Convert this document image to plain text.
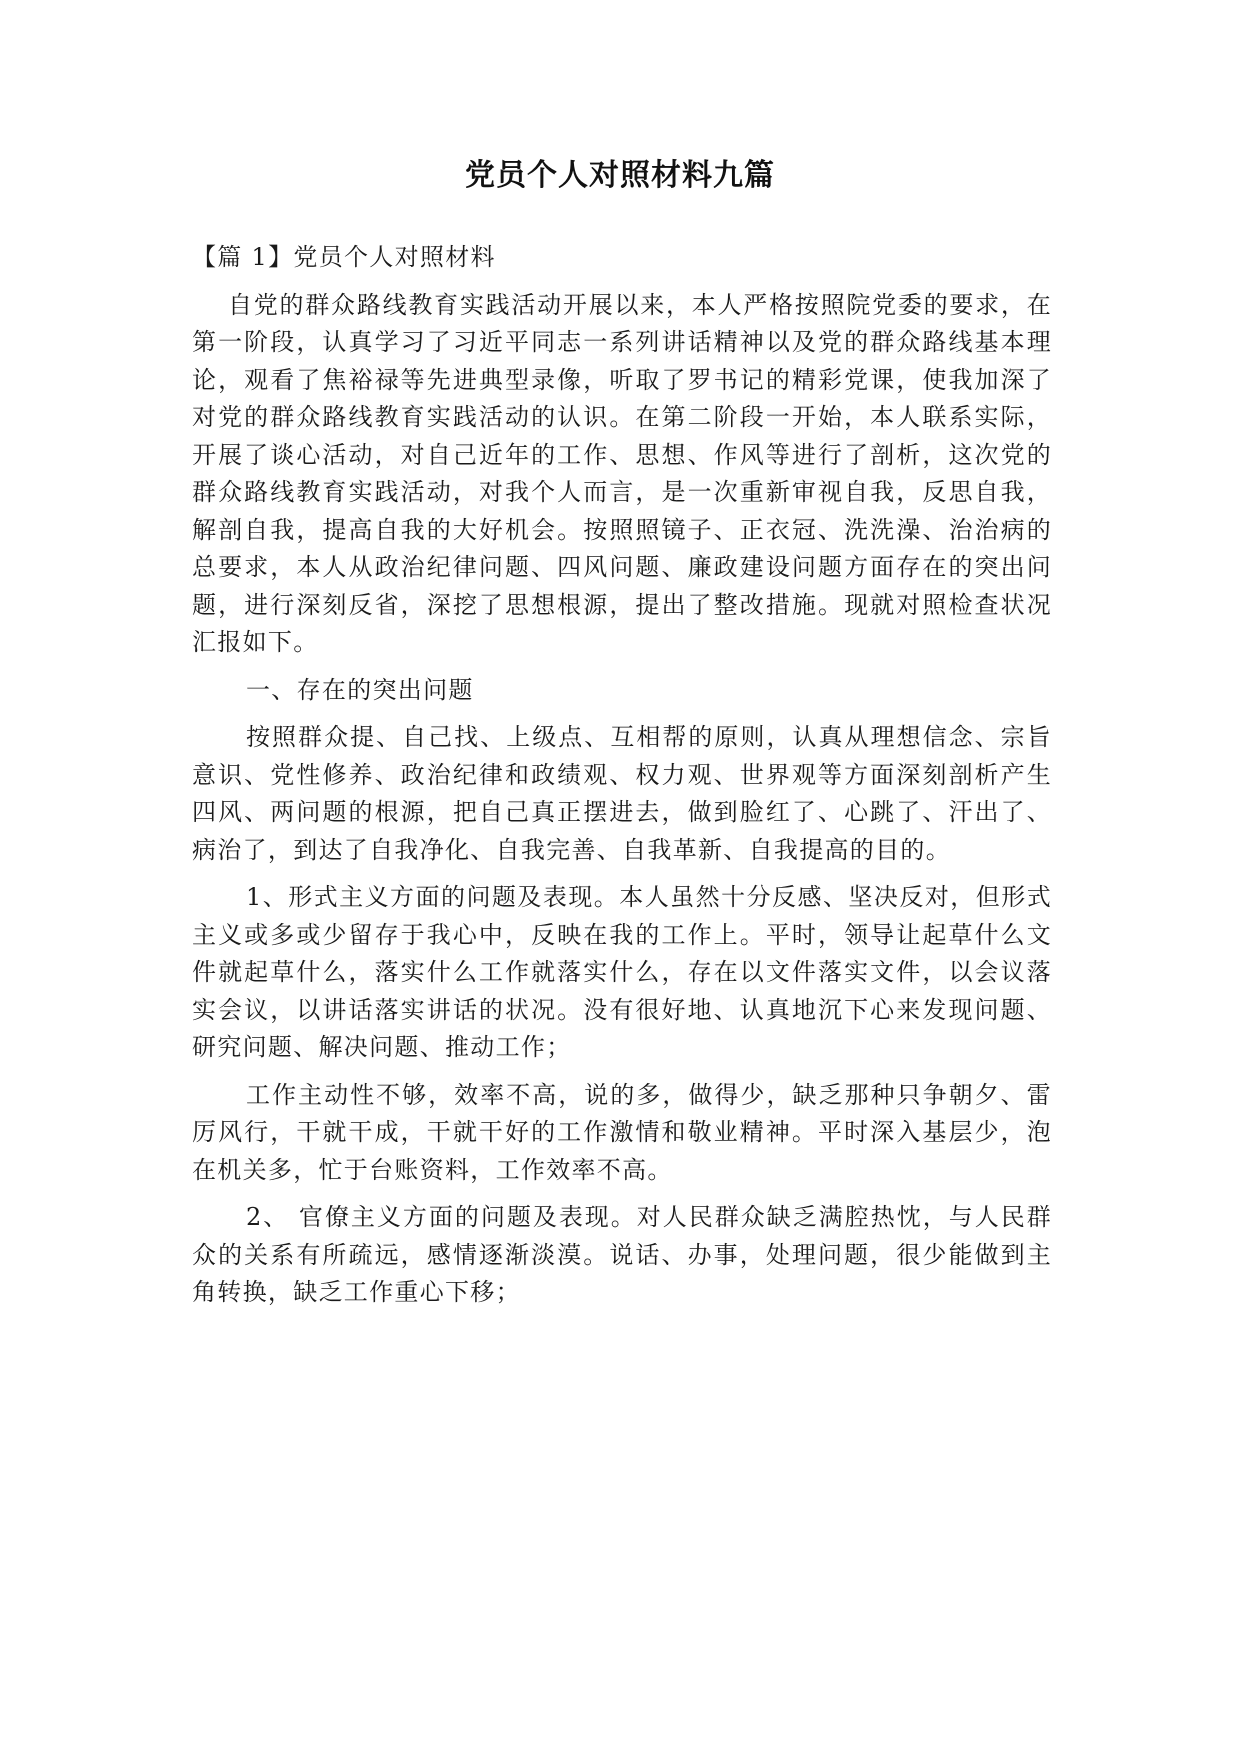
党员个人对照材料九篇

【篇 1】党员个人对照材料

自党的群众路线教育实践活动开展以来，本人严格按照院党委的要求，在第一阶段，认真学习了习近平同志一系列讲话精神以及党的群众路线基本理论，观看了焦裕禄等先进典型录像，听取了罗书记的精彩党课，使我加深了对党的群众路线教育实践活动的认识。在第二阶段一开始，本人联系实际，开展了谈心活动，对自己近年的工作、思想、作风等进行了剖析，这次党的群众路线教育实践活动，对我个人而言，是一次重新审视自我，反思自我，解剖自我，提高自我的大好机会。按照照镜子、正衣冠、洗洗澡、治治病的总要求，本人从政治纪律问题、四风问题、廉政建设问题方面存在的突出问题，进行深刻反省，深挖了思想根源，提出了整改措施。现就对照检查状况汇报如下。

一、存在的突出问题

按照群众提、自己找、上级点、互相帮的原则，认真从理想信念、宗旨意识、党性修养、政治纪律和政绩观、权力观、世界观等方面深刻剖析产生四风、两问题的根源，把自己真正摆进去，做到脸红了、心跳了、汗出了、病治了，到达了自我净化、自我完善、自我革新、自我提高的目的。

1、形式主义方面的问题及表现。本人虽然十分反感、坚决反对，但形式主义或多或少留存于我心中，反映在我的工作上。平时，领导让起草什么文件就起草什么，落实什么工作就落实什么，存在以文件落实文件，以会议落实会议，以讲话落实讲话的状况。没有很好地、认真地沉下心来发现问题、研究问题、解决问题、推动工作；

工作主动性不够，效率不高，说的多，做得少，缺乏那种只争朝夕、雷厉风行，干就干成，干就干好的工作激情和敬业精神。平时深入基层少，泡在机关多，忙于台账资料，工作效率不高。

2、 官僚主义方面的问题及表现。对人民群众缺乏满腔热忱，与人民群众的关系有所疏远，感情逐渐淡漠。说话、办事，处理问题，很少能做到主角转换，缺乏工作重心下移；
